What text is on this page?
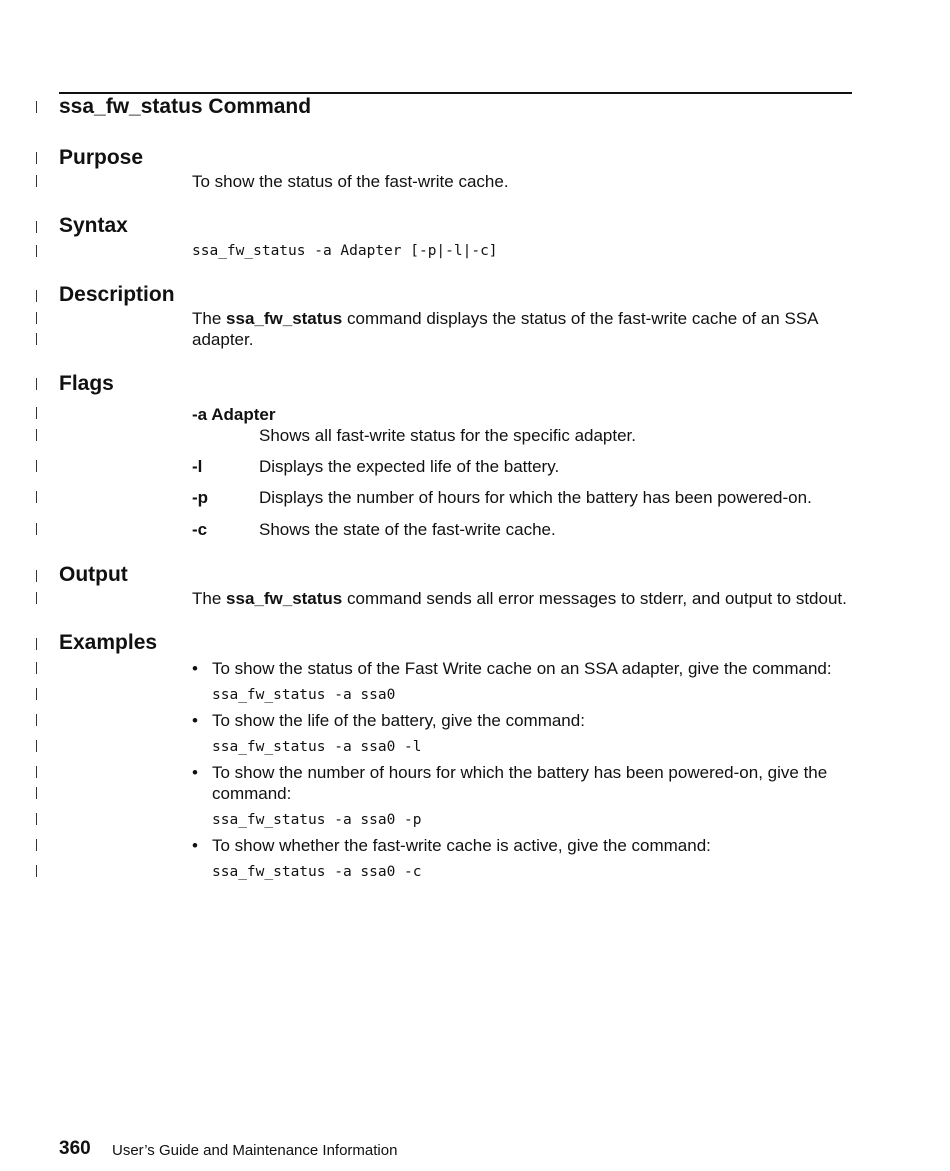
ssa_fw_status Command
Purpose
To show the status of the fast-write cache.
Syntax
ssa_fw_status -a Adapter [-p|-l|-c]
Description
The ssa_fw_status command displays the status of the fast-write cache of an SSA
adapter.
Flags
-a Adapter
Shows all fast-write status for the specific adapter.
-l	Displays the expected life of the battery.
-p	Displays the number of hours for which the battery has been powered-on.
-c	Shows the state of the fast-write cache.
Output
The ssa_fw_status command sends all error messages to stderr, and output to stdout.
Examples
• To show the status of the Fast Write cache on an SSA adapter, give the command:
ssa_fw_status -a ssa0
• To show the life of the battery, give the command:
ssa_fw_status -a ssa0 -l
• To show the number of hours for which the battery has been powered-on, give the
command:
ssa_fw_status -a ssa0 -p
• To show whether the fast-write cache is active, give the command:
ssa_fw_status -a ssa0 -c
360 User’s Guide and Maintenance Information
